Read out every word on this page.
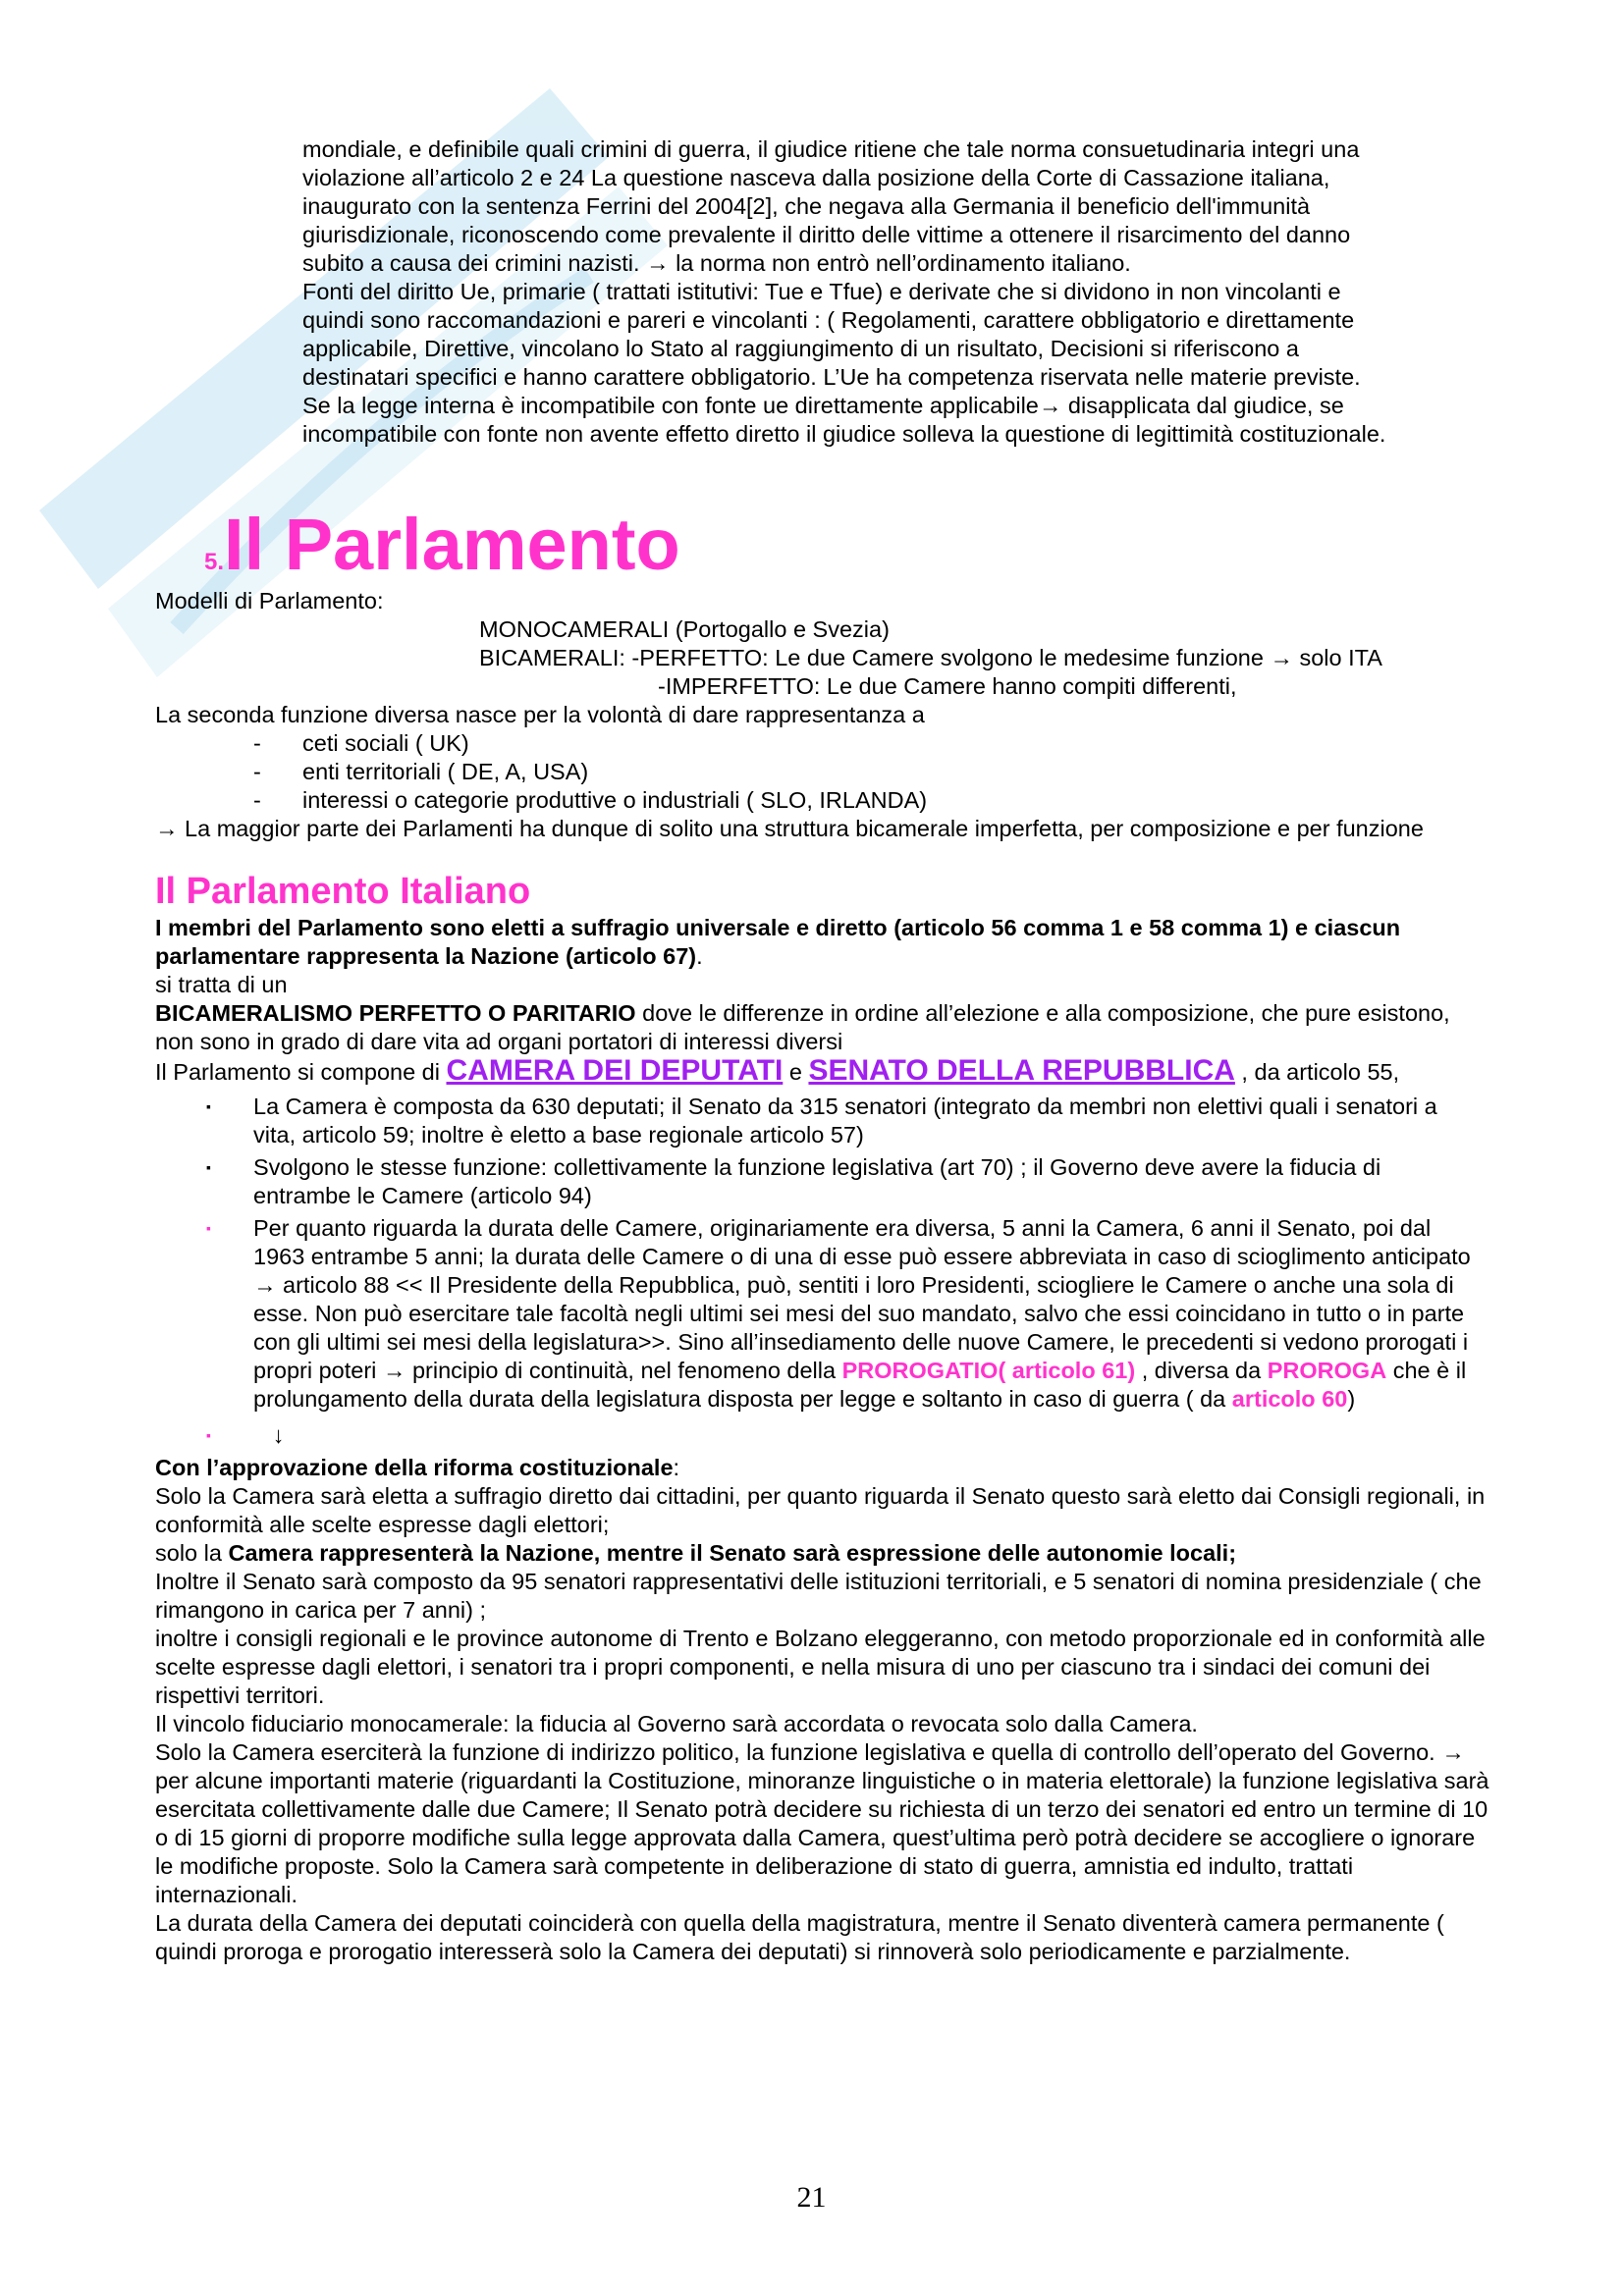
mondiale, e definibile quali crimini di guerra, il giudice ritiene che tale norma consuetudinaria integri una
violazione all’articolo 2 e 24 La questione nasceva dalla posizione della Corte di Cassazione italiana,
inaugurato con la sentenza Ferrini del 2004[2], che negava alla Germania il beneficio dell'immunità
giurisdizionale, riconoscendo come prevalente il diritto delle vittime a ottenere il risarcimento del danno
subito a causa dei crimini nazisti. → la norma non entrò nell’ordinamento italiano.
Fonti del diritto Ue, primarie ( trattati istitutivi: Tue e Tfue) e derivate che si dividono in non vincolanti e
quindi sono raccomandazioni e pareri e vincolanti : ( Regolamenti, carattere obbligatorio e direttamente
applicabile, Direttive, vincolano lo Stato al raggiungimento di un risultato, Decisioni si riferiscono a
destinatari specifici e hanno carattere obbligatorio. L’Ue ha competenza riservata nelle materie previste.
Se la legge interna è incompatibile con fonte ue direttamente applicabile→ disapplicata dal giudice, se
incompatibile con fonte non avente effetto diretto il giudice solleva la questione di legittimità costituzionale.
5.Il Parlamento
Modelli di Parlamento:
MONOCAMERALI (Portogallo e Svezia)
BICAMERALI: -PERFETTO: Le due Camere svolgono le medesime funzione → solo ITA
-IMPERFETTO: Le due Camere hanno compiti differenti,
La seconda funzione diversa nasce per la volontà di dare rappresentanza a
-	ceti sociali ( UK)
-	enti territoriali ( DE, A, USA)
-	interessi o categorie produttive o industriali ( SLO, IRLANDA)
→ La maggior parte dei Parlamenti ha dunque di solito una struttura bicamerale imperfetta, per composizione e per funzione
Il Parlamento Italiano
I membri del Parlamento sono eletti a suffragio universale e diretto (articolo 56 comma 1 e 58 comma 1) e ciascun parlamentare rappresenta la Nazione (articolo 67).
si tratta di un
BICAMERALISMO PERFETTO O PARITARIO dove le differenze in ordine all’elezione e alla composizione, che pure esistono, non sono in grado di dare vita ad organi portatori di interessi diversi
Il Parlamento si compone di CAMERA DEI DEPUTATI e SENATO DELLA REPUBBLICA , da articolo 55,
▪	La Camera è composta da 630 deputati; il Senato da 315 senatori (integrato da membri non elettivi quali i senatori a vita, articolo 59; inoltre è eletto a base regionale articolo 57)
▪	Svolgono le stesse funzione: collettivamente la funzione legislativa (art 70) ; il Governo deve avere la fiducia di entrambe le Camere (articolo 94)
▪	Per quanto riguarda la durata delle Camere, originariamente era diversa, 5 anni la Camera, 6 anni il Senato, poi dal 1963 entrambe 5 anni; la durata delle Camere o di una di esse può essere abbreviata in caso di scioglimento anticipato → articolo 88 << Il Presidente della Repubblica, può, sentiti i loro Presidenti, sciogliere le Camere o anche una sola di esse. Non può esercitare tale facoltà negli ultimi sei mesi del suo mandato, salvo che essi coincidano in tutto o in parte con gli ultimi sei mesi della legislatura>>. Sino all’insediamento delle nuove Camere, le precedenti si vedono prorogati i propri poteri → principio di continuità, nel fenomeno della PROROGATIO( articolo 61) , diversa da PROROGA che è il prolungamento della durata della legislatura disposta per legge e soltanto in caso di guerra ( da articolo 60)
▪	↓
Con l’approvazione della riforma costituzionale:
Solo la Camera sarà eletta a suffragio diretto dai cittadini, per quanto riguarda il Senato questo sarà eletto dai Consigli regionali, in conformità alle scelte espresse dagli elettori;
solo la Camera rappresenterà la Nazione, mentre il Senato sarà espressione delle autonomie locali;
Inoltre il Senato sarà composto da 95 senatori rappresentativi delle istituzioni territoriali, e 5 senatori di nomina presidenziale ( che rimangono in carica per 7 anni) ;
inoltre i consigli regionali e le province autonome di Trento e Bolzano eleggeranno, con metodo proporzionale ed in conformità alle scelte espresse dagli elettori, i senatori tra i propri componenti, e nella misura di uno per ciascuno tra i sindaci dei comuni dei rispettivi territori.
Il vincolo fiduciario monocamerale: la fiducia al Governo sarà accordata o revocata solo dalla Camera.
Solo la Camera eserciterà la funzione di indirizzo politico, la funzione legislativa e quella di controllo dell’operato del Governo. → per alcune importanti materie (riguardanti la Costituzione, minoranze linguistiche o in materia elettorale) la funzione legislativa sarà esercitata collettivamente dalle due Camere; Il Senato potrà decidere su richiesta di un terzo dei senatori ed entro un termine di 10 o di 15 giorni di proporre modifiche sulla legge approvata dalla Camera, quest’ultima però potrà decidere se accogliere o ignorare le modifiche proposte. Solo la Camera sarà competente in deliberazione di stato di guerra, amnistia ed indulto, trattati internazionali.
La durata della Camera dei deputati coinciderà con quella della magistratura, mentre il Senato diventerà camera permanente ( quindi proroga e prorogatio interesserà solo la Camera dei deputati) si rinnoverà solo periodicamente e parzialmente.
21
